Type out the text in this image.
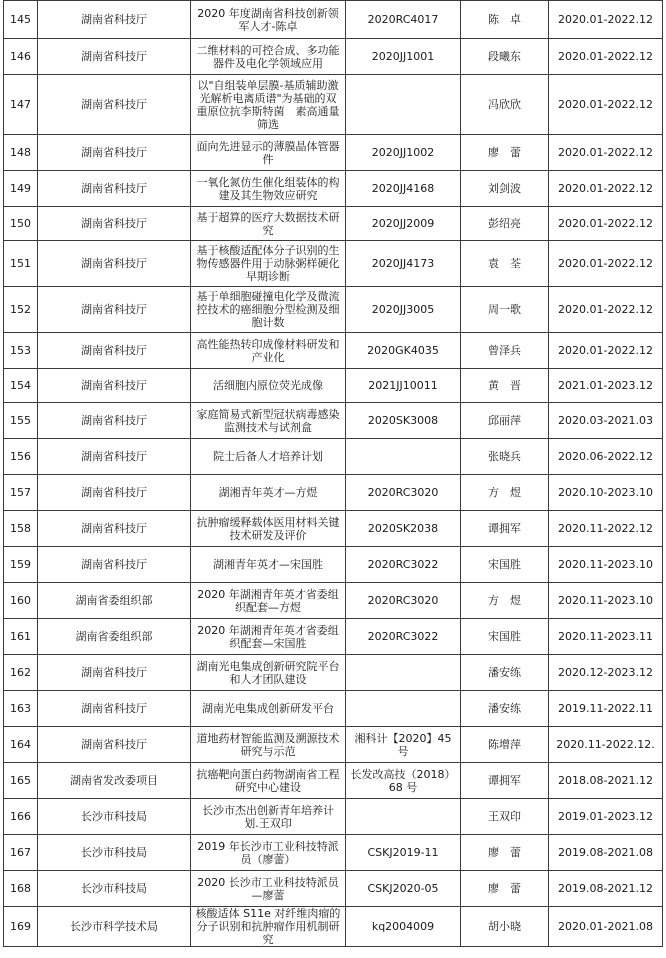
145	湖南省科技厅	2020 年度湖南省科技创新领军人才-陈卓	2020RC4017	陈　卓	2020.01-2022.12
146	湖南省科技厅	二维材料的可控合成、多功能器件及电化学领域应用	2020JJ1001	段曦东	2020.01-2022.12
147	湖南省科技厅	以"自组装单层膜-基质辅助激光解析电离质谱"为基础的双重原位抗李斯特菌　素高通量筛选		冯欣欣	2020.01-2022.12
148	湖南省科技厅	面向先进显示的薄膜晶体管器件	2020JJ1002	廖　蕾	2020.01-2022.12
149	湖南省科技厅	一氧化氮仿生催化组装体的构建及其生物效应研究	2020JJ4168	刘剑波	2020.01-2022.12
150	湖南省科技厅	基于超算的医疗大数据技术研究	2020JJ2009	彭绍亮	2020.01-2022.12
151	湖南省科技厅	基于核酸适配体分子识别的生物传感器件用于动脉粥样硬化早期诊断	2020JJ4173	袁　荃	2020.01-2022.12
152	湖南省科技厅	基于单细胞碰撞电化学及微流控技术的癌细胞分型检测及细胞计数	2020JJ3005	周一歌	2020.01-2022.12
153	湖南省科技厅	高性能热转印成像材料研发和产业化	2020GK4035	曾泽兵	2020.01-2022.12
154	湖南省科技厅	活细胞内原位荧光成像	2021JJ10011	黄　晋	2021.01-2023.12
155	湖南省科技厅	家庭简易式新型冠状病毒感染监测技术与试剂盒	2020SK3008	邱丽萍	2020.03-2021.03
156	湖南省科技厅	院士后备人才培养计划		张晓兵	2020.06-2022.12
157	湖南省科技厅	湖湘青年英才—方煜	2020RC3020	方　煜	2020.10-2023.10
158	湖南省科技厅	抗肿瘤缓释载体医用材料关键技术研发及评价	2020SK2038	谭拥军	2020.11-2022.12
159	湖南省科技厅	湖湘青年英才—宋国胜	2020RC3022	宋国胜	2020.11-2023.10
160	湖南省委组织部	2020 年湖湘青年英才省委组织配套—方煜	2020RC3020	方　煜	2020.11-2023.10
161	湖南省委组织部	2020 年湖湘青年英才省委组织配套—宋国胜	2020RC3022	宋国胜	2020.11-2023.11
162	湖南省科技厅	湖南光电集成创新研究院平台和人才团队建设		潘安练	2020.12-2023.12
163	湖南省科技厅	湖南光电集成创新研发平台		潘安练	2019.11-2022.11
164	湖南省科技厅	道地药材智能监测及溯源技术研究与示范	湘科计【2020】45 号	陈增萍	2020.11-2022.12.
165	湖南省发改委项目	抗癌靶向蛋白药物湖南省工程研究中心建设	长发改高技（2018）68 号	谭拥军	2018.08-2021.12
166	长沙市科技局	长沙市杰出创新青年培养计划.王双印		王双印	2019.01-2023.12
167	长沙市科技局	2019 年长沙市工业科技特派员（廖蕾）	CSKJ2019-11	廖　蕾	2019.08-2021.08
168	长沙市科技局	2020 长沙市工业科技特派员—廖蕾	CSKJ2020-05	廖　蕾	2019.08-2021.12
169	长沙市科学技术局	核酸适体 S11e 对纤维肉瘤的分子识别和抗肿瘤作用机制研究	kq2004009	胡小晓	2020.01-2021.08
